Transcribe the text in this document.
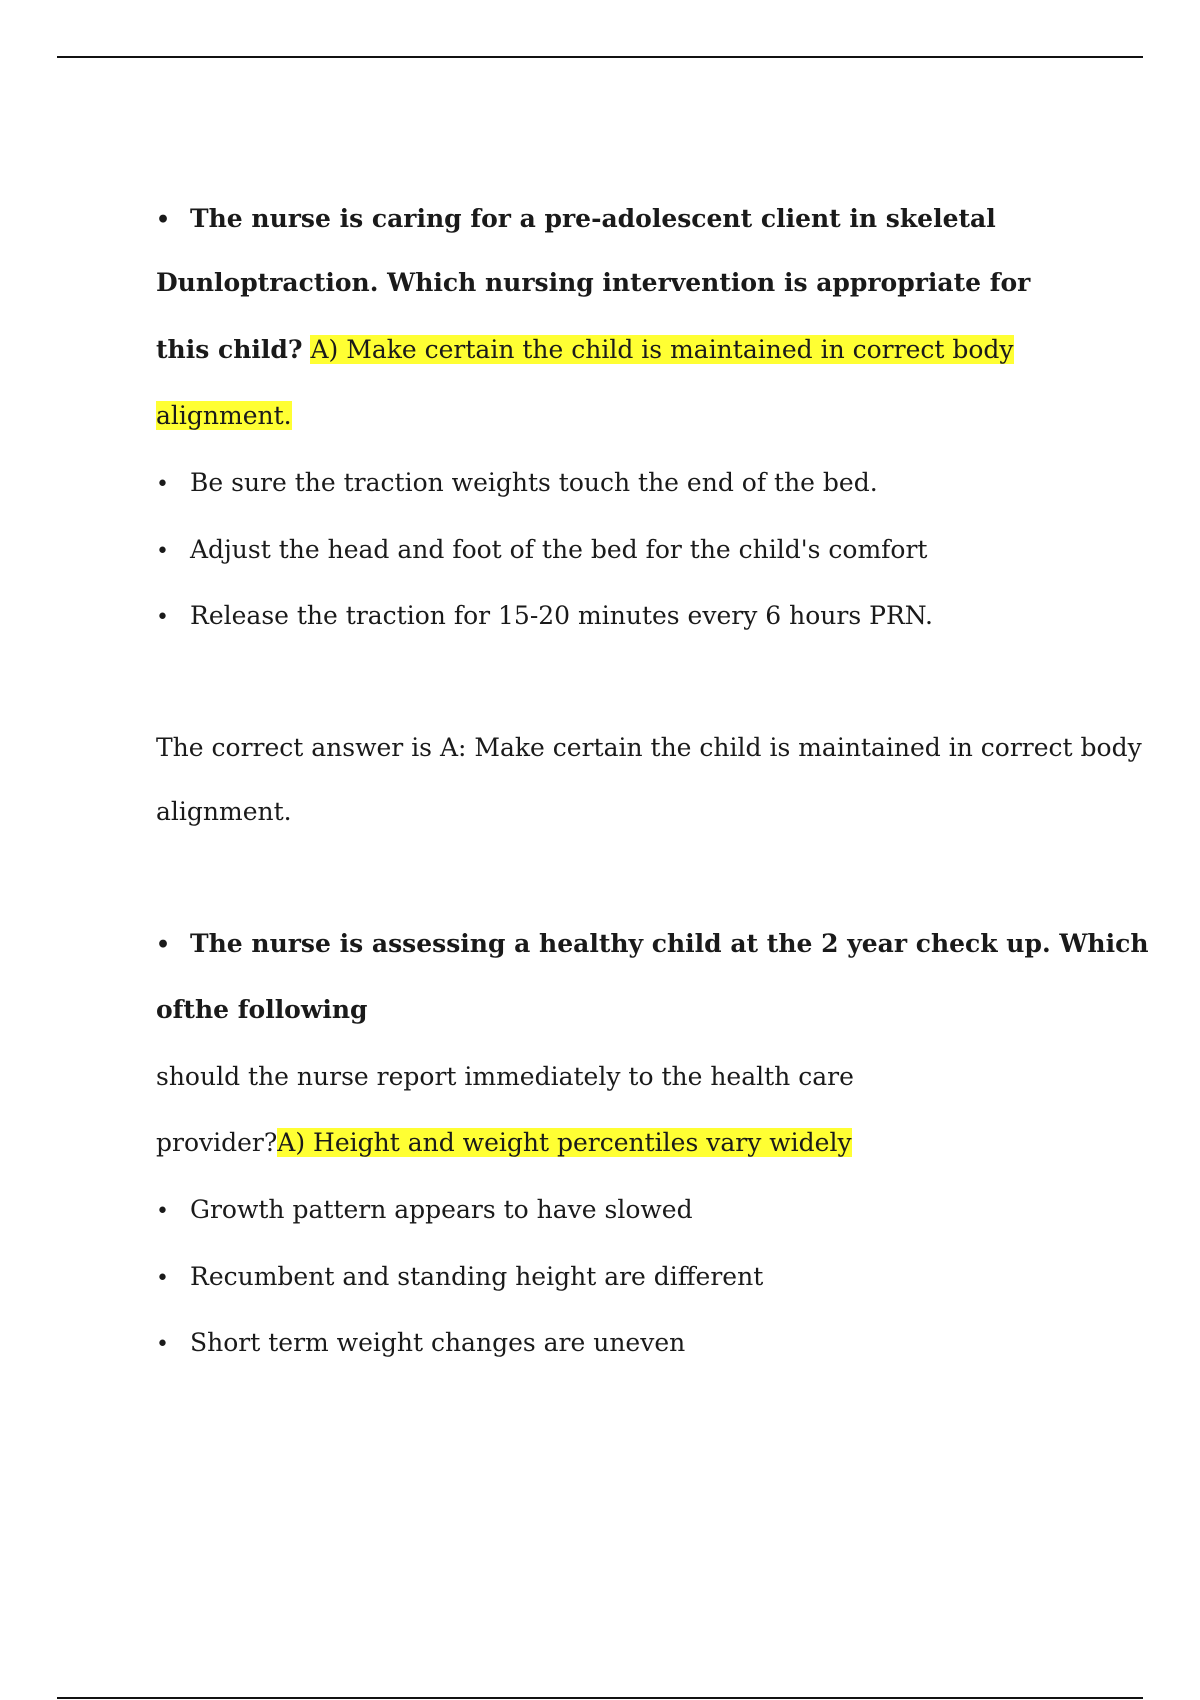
• The nurse is caring for a pre-adolescent client in skeletal
Dunloptraction. Which nursing intervention is appropriate for
this child? A) Make certain the child is maintained in correct body
alignment.
• Be sure the traction weights touch the end of the bed.
• Adjust the head and foot of the bed for the child's comfort
• Release the traction for 15-20 minutes every 6 hours PRN.
The correct answer is A: Make certain the child is maintained in correct body
alignment.
• The nurse is assessing a healthy child at the 2 year check up. Which
ofthe following
should the nurse report immediately to the health care
provider?A) Height and weight percentiles vary widely
• Growth pattern appears to have slowed
• Recumbent and standing height are different
• Short term weight changes are uneven
